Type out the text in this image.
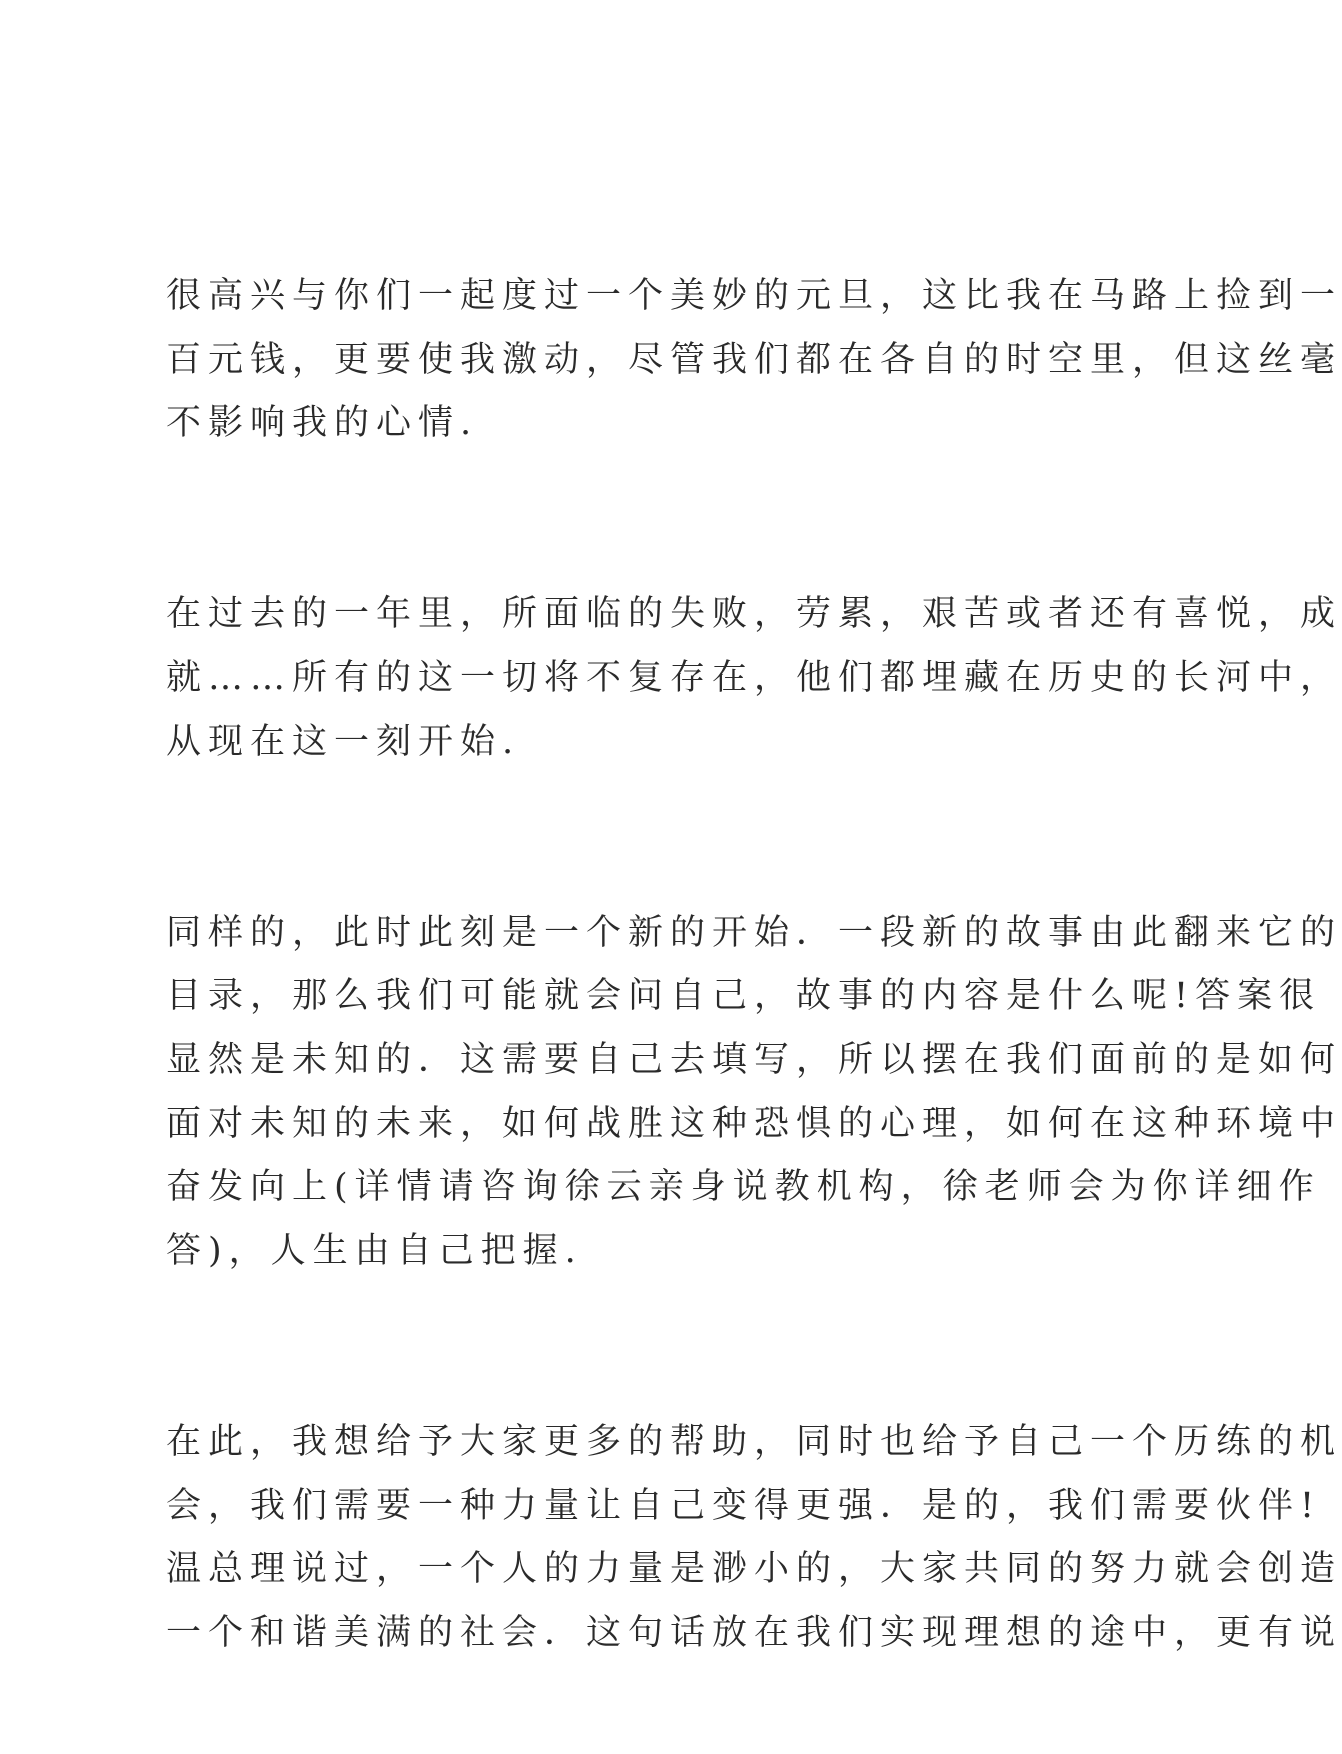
很高兴与你们一起度过一个美妙的元旦，这比我在马路上捡到一
百元钱，更要使我激动，尽管我们都在各自的时空里，但这丝毫
不影响我的心情.
在过去的一年里，所面临的失败，劳累，艰苦或者还有喜悦，成
就……所有的这一切将不复存在，他们都埋藏在历史的长河中，
从现在这一刻开始.
同样的，此时此刻是一个新的开始．一段新的故事由此翻来它的
目录，那么我们可能就会问自己，故事的内容是什么呢!答案很
显然是未知的．这需要自己去填写，所以摆在我们面前的是如何
面对未知的未来，如何战胜这种恐惧的心理，如何在这种环境中
奋发向上(详情请咨询徐云亲身说教机构，徐老师会为你详细作
答)，人生由自己把握.
在此，我想给予大家更多的帮助，同时也给予自己一个历练的机
会，我们需要一种力量让自己变得更强．是的，我们需要伙伴!
温总理说过，一个人的力量是渺小的，大家共同的努力就会创造
一个和谐美满的社会．这句话放在我们实现理想的途中，更有说
